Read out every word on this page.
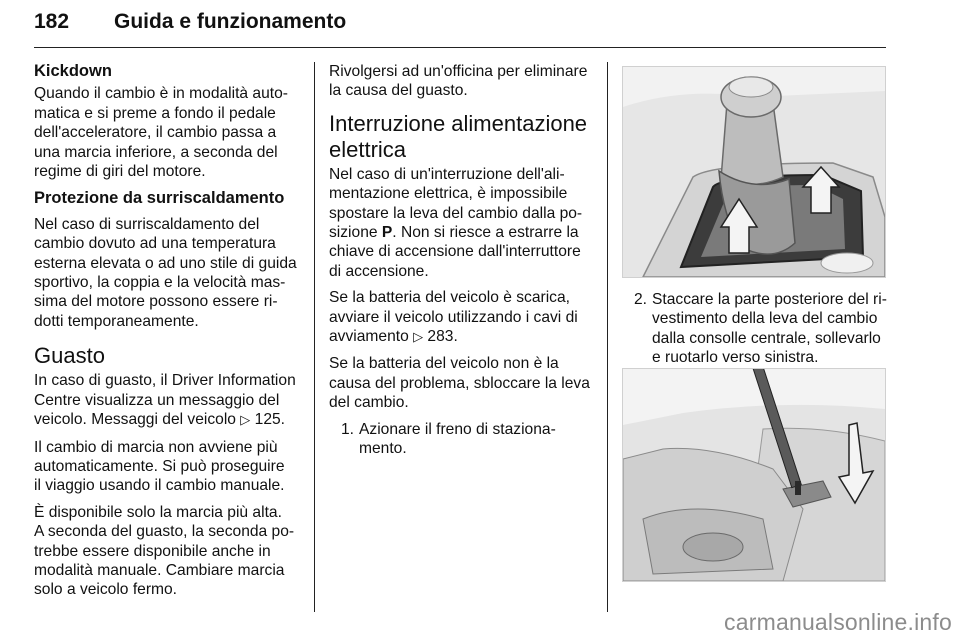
182 Guida e funzionamento
Kickdown

Quando il cambio è in modalità auto-
matica e si preme a fondo il pedale
dell'acceleratore, il cambio passa a
una marcia inferiore, a seconda del
regime di giri del motore.

Protezione da surriscaldamento

Nel caso di surriscaldamento del
cambio dovuto ad una temperatura
esterna elevata o ad uno stile di guida
sportivo, la coppia e la velocità mas-
sima del motore possono essere ri-
dotti temporaneamente.

Guasto

In caso di guasto, il Driver Information
Centre visualizza un messaggio del
veicolo. Messaggi del veicolo ▷ 125.

Il cambio di marcia non avviene più
automaticamente. Si può proseguire
il viaggio usando il cambio manuale.

È disponibile solo la marcia più alta.
A seconda del guasto, la seconda po-
trebbe essere disponibile anche in
modalità manuale. Cambiare marcia
solo a veicolo fermo.

Rivolgersi ad un'officina per eliminare
la causa del guasto.

Interruzione alimentazione
elettrica

Nel caso di un'interruzione dell'ali-
mentazione elettrica, è impossibile
spostare la leva del cambio dalla po-
sizione P. Non si riesce a estrarre la
chiave di accensione dall'interruttore
di accensione.

Se la batteria del veicolo è scarica,
avviare il veicolo utilizzando i cavi di
avviamento ▷ 283.

Se la batteria del veicolo non è la
causa del problema, sbloccare la leva
del cambio.

1. Azionare il freno di staziona-
mento.
2. Staccare la parte posteriore del ri-
vestimento della leva del cambio
dalla consolle centrale, sollevarlo
e ruotarlo verso sinistra.
carmanualsonline.info
